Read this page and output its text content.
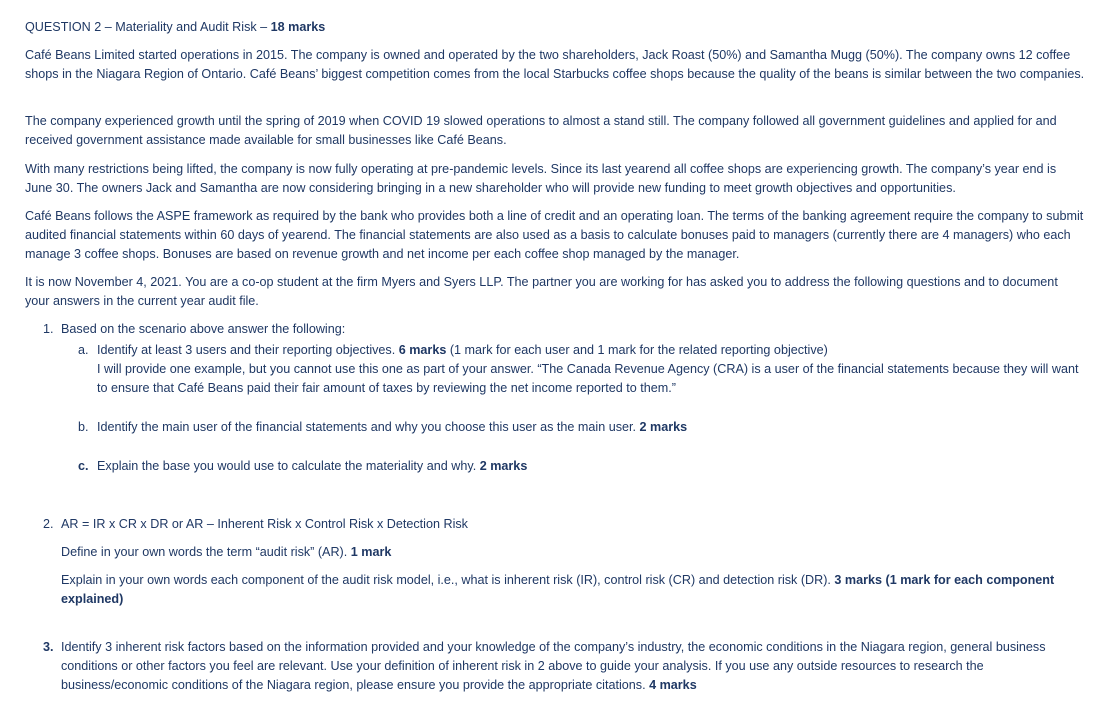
QUESTION 2 – Materiality and Audit Risk – 18 marks

Café Beans Limited started operations in 2015. The company is owned and operated by the two shareholders, Jack Roast (50%) and Samantha Mugg (50%). The company owns 12 coffee shops in the Niagara Region of Ontario. Café Beans’ biggest competition comes from the local Starbucks coffee shops because the quality of the beans is similar between the two companies.

The company experienced growth until the spring of 2019 when COVID 19 slowed operations to almost a stand still. The company followed all government guidelines and applied for and received government assistance made available for small businesses like Café Beans.

With many restrictions being lifted, the company is now fully operating at pre-pandemic levels. Since its last yearend all coffee shops are experiencing growth. The company’s year end is June 30. The owners Jack and Samantha are now considering bringing in a new shareholder who will provide new funding to meet growth objectives and opportunities.

Café Beans follows the ASPE framework as required by the bank who provides both a line of credit and an operating loan. The terms of the banking agreement require the company to submit audited financial statements within 60 days of yearend. The financial statements are also used as a basis to calculate bonuses paid to managers (currently there are 4 managers) who each manage 3 coffee shops. Bonuses are based on revenue growth and net income per each coffee shop managed by the manager.

It is now November 4, 2021. You are a co-op student at the firm Myers and Syers LLP. The partner you are working for has asked you to address the following questions and to document your answers in the current year audit file.

1. Based on the scenario above answer the following:
a. Identify at least 3 users and their reporting objectives. 6 marks (1 mark for each user and 1 mark for the related reporting objective)

I will provide one example, but you cannot use this one as part of your answer. “The Canada Revenue Agency (CRA) is a user of the financial statements because they will want to ensure that Café Beans paid their fair amount of taxes by reviewing the net income reported to them.”

b. Identify the main user of the financial statements and why you choose this user as the main user. 2 marks
c. Explain the base you would use to calculate the materiality and why. 2 marks
2. AR = IR x CR x DR or AR – Inherent Risk x Control Risk x Detection Risk

Define in your own words the term “audit risk” (AR). 1 mark

Explain in your own words each component of the audit risk model, i.e., what is inherent risk (IR), control risk (CR) and detection risk (DR). 3 marks (1 mark for each component explained)

3. Identify 3 inherent risk factors based on the information provided and your knowledge of the company’s industry, the economic conditions in the Niagara region, general business conditions or other factors you feel are relevant. Use your definition of inherent risk in 2 above to guide your analysis. If you use any outside resources to research the business/economic conditions of the Niagara region, please ensure you provide the appropriate citations. 4 marks
